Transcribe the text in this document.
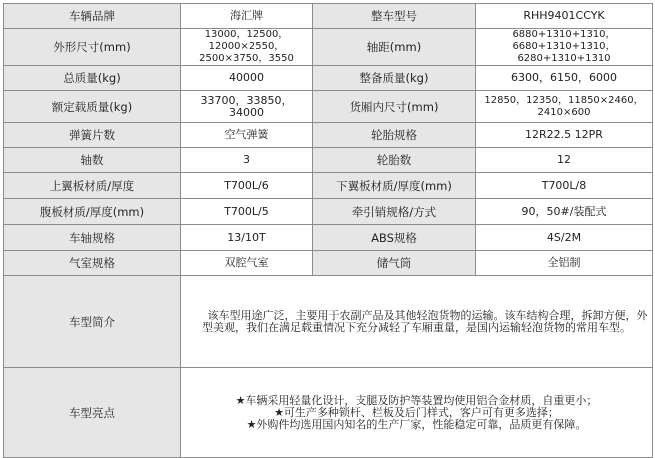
车辆品牌	海汇牌	整车型号	RHH9401CCYK
外形尺寸(mm)	13000，12500，12000×2550，2500×3750，3550	轴距(mm)	6880+1310+1310，6680+1310+1310，6280+1310+1310
总质量(kg)	40000	整备质量(kg)	6300，6150，6000
额定载质量(kg)	33700，33850，34000	货厢内尺寸(mm)	12850，12350，11850×2460，2410×600
弹簧片数	空气弹簧	轮胎规格	12R22.5 12PR
轴数	3	轮胎数	12
上翼板材质/厚度	T700L/6	下翼板材质/厚度(mm)	T700L/8
腹板材质/厚度(mm)	T700L/5	牵引销规格/方式	90，50#/装配式
车轴规格	13/10T	ABS规格	4S/2M
气室规格	双腔气室	储气筒	全铝制
车型简介	该车型用途广泛，主要用于农副产品及其他轻泡货物的运输。该车结构合理，拆卸方便，外型美观，我们在满足载重情况下充分减轻了车厢重量，是国内运输轻泡货物的常用车型。		

车型亮点	★车辆采用轻量化设计，支腿及防护等装置均使用铝合金材质，自重更小；
★可生产多种锁杆、栏板及后门样式，客户可有更多选择；
★外购件均选用国内知名的生产厂家，性能稳定可靠，品质更有保障。		
